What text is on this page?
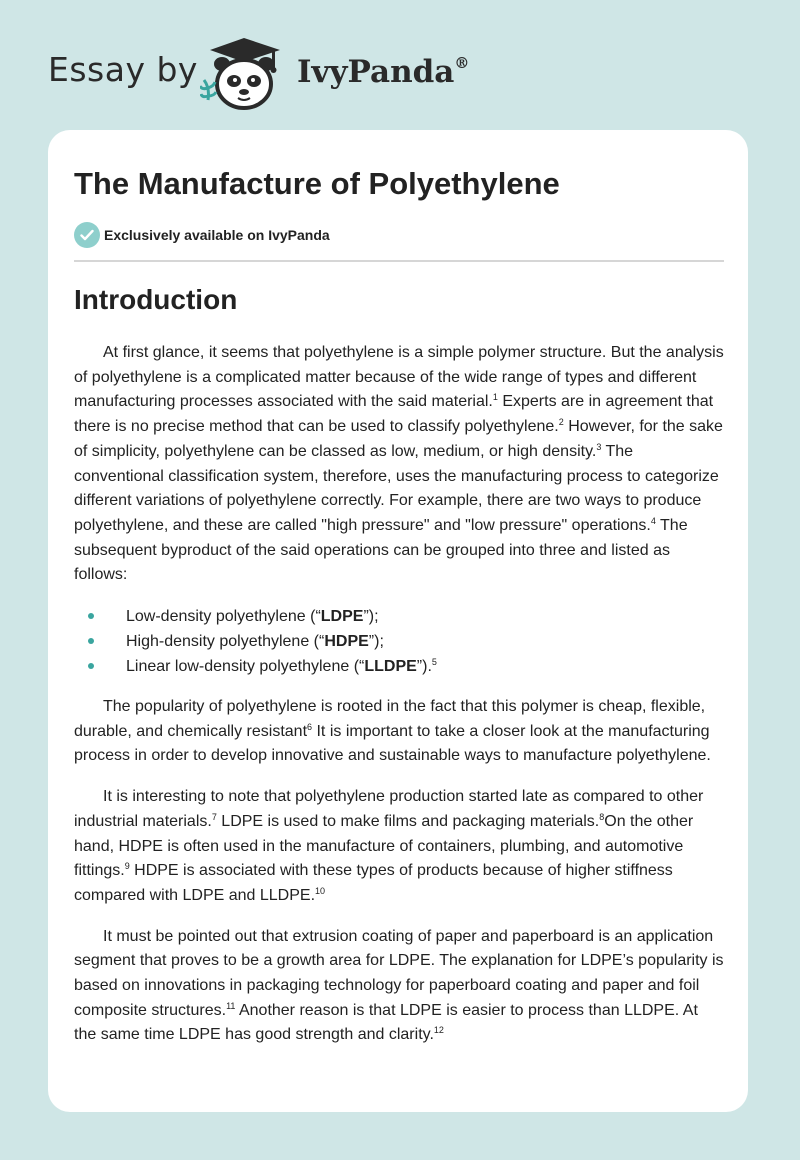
Essay by	IvyPanda®
The Manufacture of Polyethylene
Exclusively available on IvyPanda
Introduction

At first glance, it seems that polyethylene is a simple polymer structure. But the analysis of polyethylene is a complicated matter because of the wide range of types and different manufacturing processes associated with the said material.$^1$ Experts are in agreement that there is no precise method that can be used to classify polyethylene.$^2$ However, for the sake of simplicity, polyethylene can be classed as low, medium, or high density.$^3$ The conventional classification system, therefore, uses the manufacturing process to categorize different variations of polyethylene correctly. For example, there are two ways to produce polyethylene, and these are called "high pressure" and "low pressure" operations.$^4$ The subsequent byproduct of the said operations can be grouped into three and listed as follows:

Low-density polyethylene (“LDPE”);
High-density polyethylene (“HDPE”);
Linear low-density polyethylene (“LLDPE”).$^5$

The popularity of polyethylene is rooted in the fact that this polymer is cheap, flexible, durable, and chemically resistant$^6$ It is important to take a closer look at the manufacturing process in order to develop innovative and sustainable ways to manufacture polyethylene.

It is interesting to note that polyethylene production started late as compared to other industrial materials.$^7$ LDPE is used to make films and packaging materials.$^8$On the other hand, HDPE is often used in the manufacture of containers, plumbing, and automotive fittings.$^9$ HDPE is associated with these types of products because of higher stiffness compared with LDPE and LLDPE.$^{10}$

It must be pointed out that extrusion coating of paper and paperboard is an application segment that proves to be a growth area for LDPE. The explanation for LDPE’s popularity is based on innovations in packaging technology for paperboard coating and paper and foil composite structures.$^{11}$ Another reason is that LDPE is easier to process than LLDPE. At the same time LDPE has good strength and clarity.$^{12}$
